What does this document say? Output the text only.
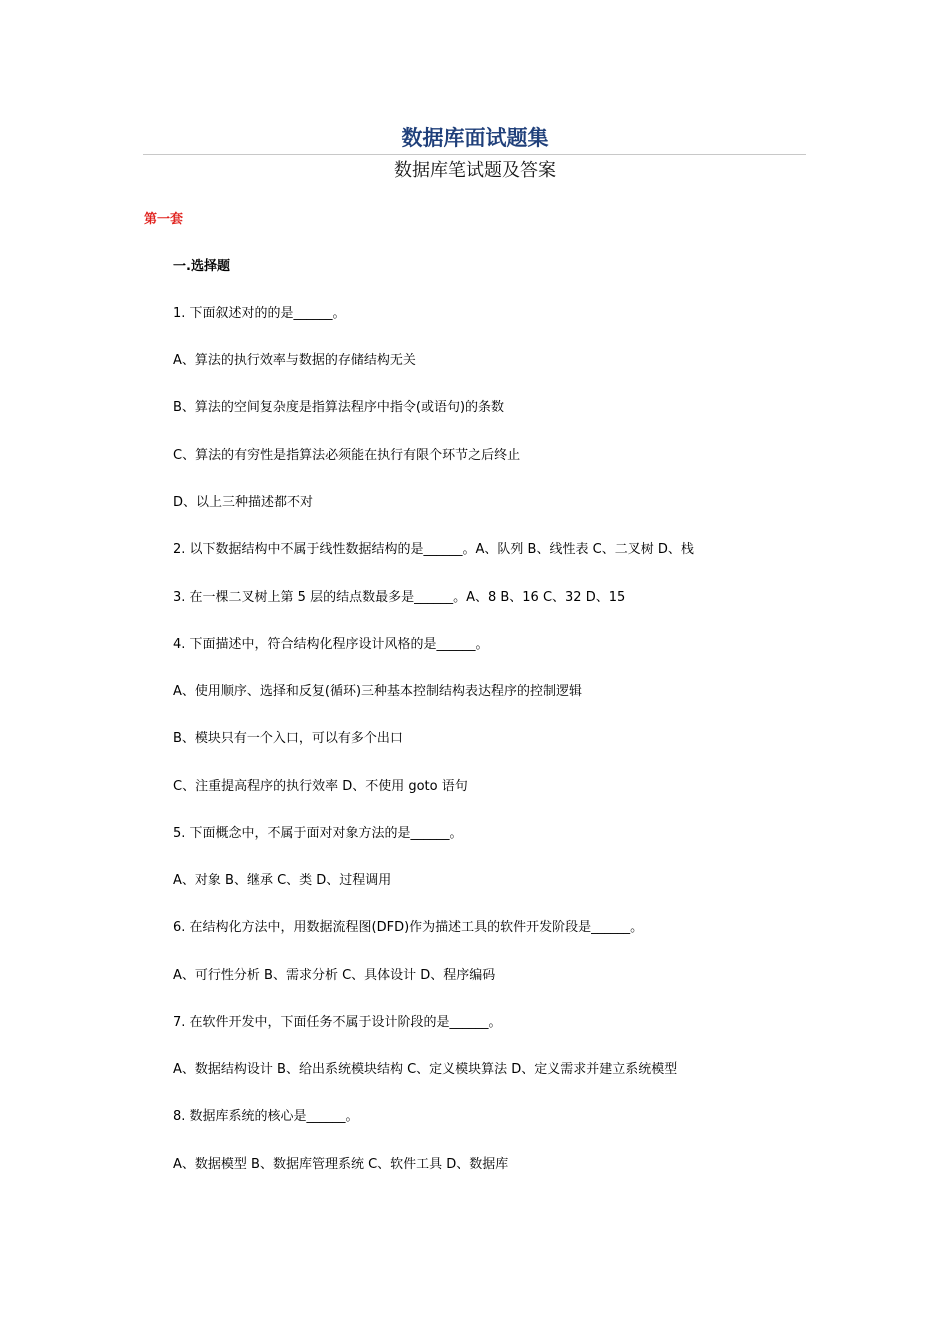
数据库面试题集
数据库笔试题及答案
第一套
一.选择题
1. 下面叙述对的的是______。
A、算法的执行效率与数据的存储结构无关
B、算法的空间复杂度是指算法程序中指令(或语句)的条数
C、算法的有穷性是指算法必须能在执行有限个环节之后终止
D、以上三种描述都不对
2. 以下数据结构中不属于线性数据结构的是______。A、队列 B、线性表 C、二叉树 D、栈
3. 在一棵二叉树上第 5 层的结点数最多是______。A、8 B、16 C、32 D、15
4. 下面描述中，符合结构化程序设计风格的是______。
A、使用顺序、选择和反复(循环)三种基本控制结构表达程序的控制逻辑
B、模块只有一个入口，可以有多个出口
C、注重提高程序的执行效率 D、不使用 goto 语句
5. 下面概念中，不属于面对对象方法的是______。
A、对象 B、继承 C、类 D、过程调用
6. 在结构化方法中，用数据流程图(DFD)作为描述工具的软件开发阶段是______。
A、可行性分析 B、需求分析 C、具体设计 D、程序编码
7. 在软件开发中，下面任务不属于设计阶段的是______。
A、数据结构设计 B、给出系统模块结构 C、定义模块算法 D、定义需求并建立系统模型
8. 数据库系统的核心是______。
A、数据模型 B、数据库管理系统 C、软件工具 D、数据库
